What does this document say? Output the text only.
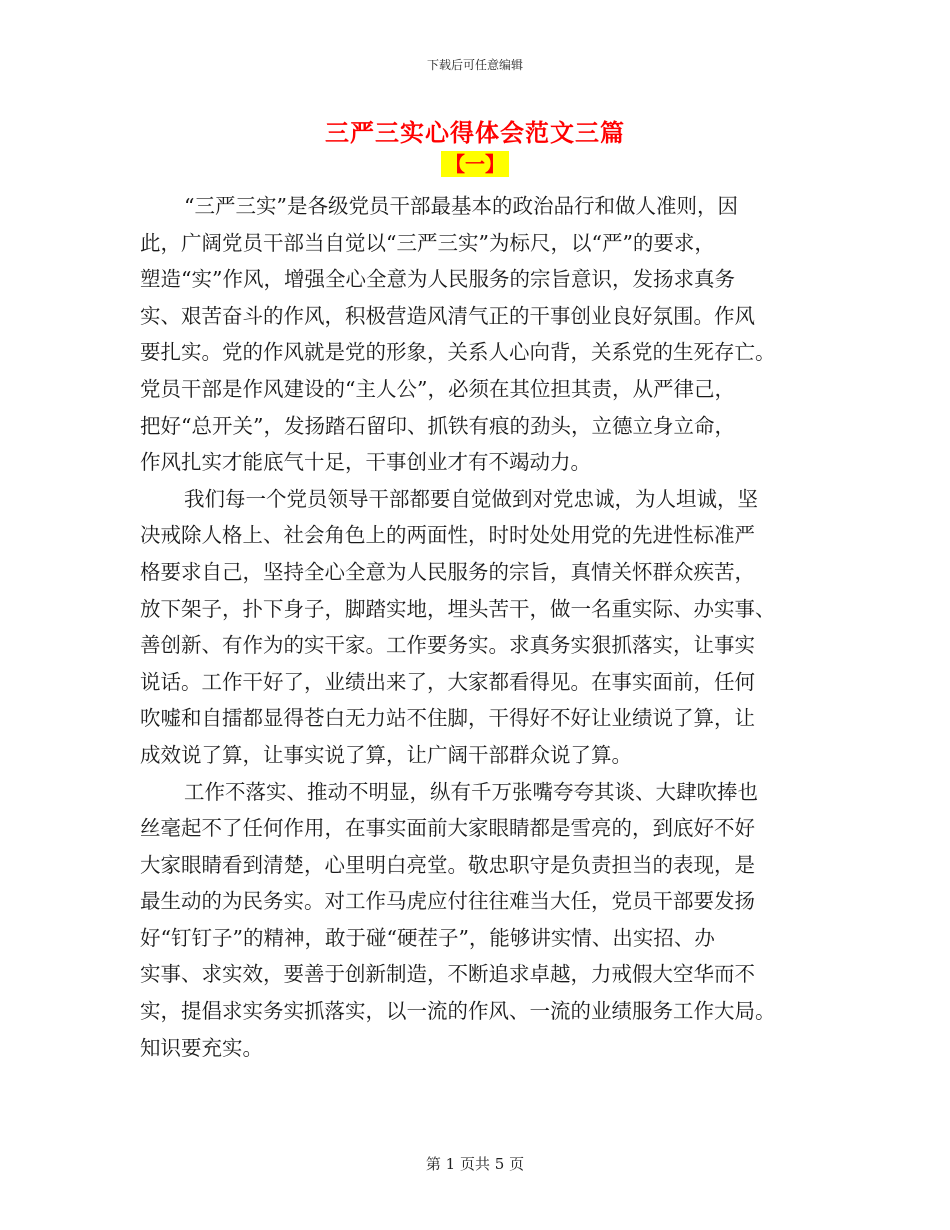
下载后可任意编辑
三严三实心得体会范文三篇
【一】
“三严三实”是各级党员干部最基本的政治品行和做人准则，因
此，广阔党员干部当自觉以“三严三实”为标尺，以“严”的要求，
塑造“实”作风，增强全心全意为人民服务的宗旨意识，发扬求真务
实、艰苦奋斗的作风，积极营造风清气正的干事创业良好氛围。作风
要扎实。党的作风就是党的形象，关系人心向背，关系党的生死存亡。
党员干部是作风建设的“主人公”，必须在其位担其责，从严律己，
把好“总开关”，发扬踏石留印、抓铁有痕的劲头，立德立身立命，
作风扎实才能底气十足，干事创业才有不竭动力。
我们每一个党员领导干部都要自觉做到对党忠诚，为人坦诚，坚
决戒除人格上、社会角色上的两面性，时时处处用党的先进性标准严
格要求自己，坚持全心全意为人民服务的宗旨，真情关怀群众疾苦，
放下架子，扑下身子，脚踏实地，埋头苦干，做一名重实际、办实事、
善创新、有作为的实干家。工作要务实。求真务实狠抓落实，让事实
说话。工作干好了，业绩出来了，大家都看得见。在事实面前，任何
吹嘘和自擂都显得苍白无力站不住脚，干得好不好让业绩说了算，让
成效说了算，让事实说了算，让广阔干部群众说了算。
工作不落实、推动不明显，纵有千万张嘴夸夸其谈、大肆吹捧也
丝毫起不了任何作用，在事实面前大家眼睛都是雪亮的，到底好不好
大家眼睛看到清楚，心里明白亮堂。敬忠职守是负责担当的表现，是
最生动的为民务实。对工作马虎应付往往难当大任，党员干部要发扬
好“钉钉子”的精神，敢于碰“硬茬子”，能够讲实情、出实招、办
实事、求实效，要善于创新制造，不断追求卓越，力戒假大空华而不
实，提倡求实务实抓落实，以一流的作风、一流的业绩服务工作大局。
知识要充实。
第 1 页共 5 页
